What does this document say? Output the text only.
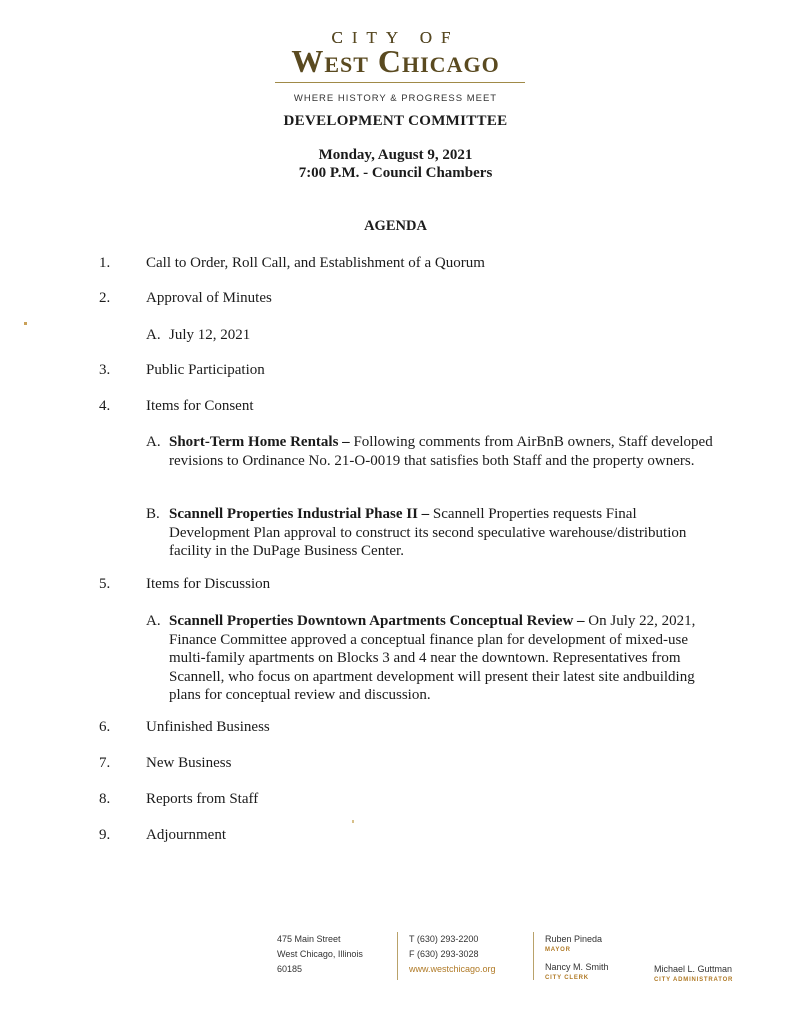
CITY OF
West Chicago
WHERE HISTORY & PROGRESS MEET
DEVELOPMENT COMMITTEE
Monday, August 9, 2021
7:00 P.M. - Council Chambers
AGENDA
1. Call to Order, Roll Call, and Establishment of a Quorum
2. Approval of Minutes
A. July 12, 2021
3. Public Participation
4. Items for Consent
A. Short-Term Home Rentals – Following comments from AirBnB owners, Staff developed revisions to Ordinance No. 21-O-0019 that satisfies both Staff and the property owners.
B. Scannell Properties Industrial Phase II – Scannell Properties requests Final Development Plan approval to construct its second speculative warehouse/distribution facility in the DuPage Business Center.
5. Items for Discussion
A. Scannell Properties Downtown Apartments Conceptual Review – On July 22, 2021, Finance Committee approved a conceptual finance plan for development of mixed-use multi-family apartments on Blocks 3 and 4 near the downtown. Representatives from Scannell, who focus on apartment development will present their latest site andbuilding plans for conceptual review and discussion.
6. Unfinished Business
7. New Business
8. Reports from Staff
9. Adjournment
475 Main Street
West Chicago, Illinois
60185
T (630) 293-2200
F (630) 293-3028
www.westchicago.org
Ruben Pineda
MAYOR
Nancy M. Smith
CITY CLERK
Michael L. Guttman
CITY ADMINISTRATOR
